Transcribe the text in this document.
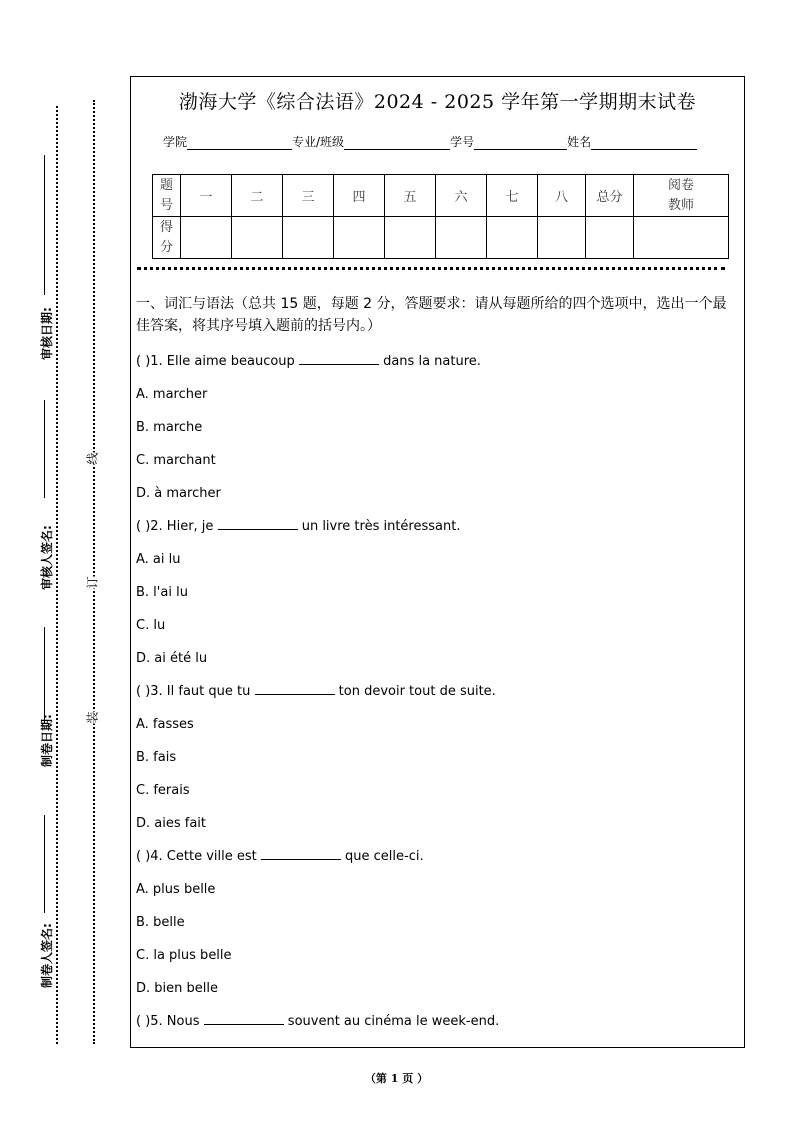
审核日期:
审核人签名:
制卷日期:
制卷人签名:
线
订
装
渤海大学《综合法语》2024 - 2025 学年第一学期期末试卷
学院	专业/班级	学号	姓名
题号	一	二	三	四	五	六	七	八	总分	阅卷教师

得分										

一、词汇与语法（总共 15 题，每题 2 分，答题要求：请从每题所给的四个选项中，选出一个最佳答案，将其序号填入题前的括号内。）
( )1. Elle aime beaucoup	dans la nature.
A. marcher
B. marche
C. marchant
D. à marcher
( )2. Hier, je	un livre très intéressant.
A. ai lu
B. l'ai lu
C. lu
D. ai été lu
( )3. Il faut que tu	ton devoir tout de suite.
A. fasses
B. fais
C. ferais
D. aies fait
( )4. Cette ville est	que celle-ci.
A. plus belle
B. belle
C. la plus belle
D. bien belle
( )5. Nous	souvent au cinéma le week-end.
（第 1 页 ）
